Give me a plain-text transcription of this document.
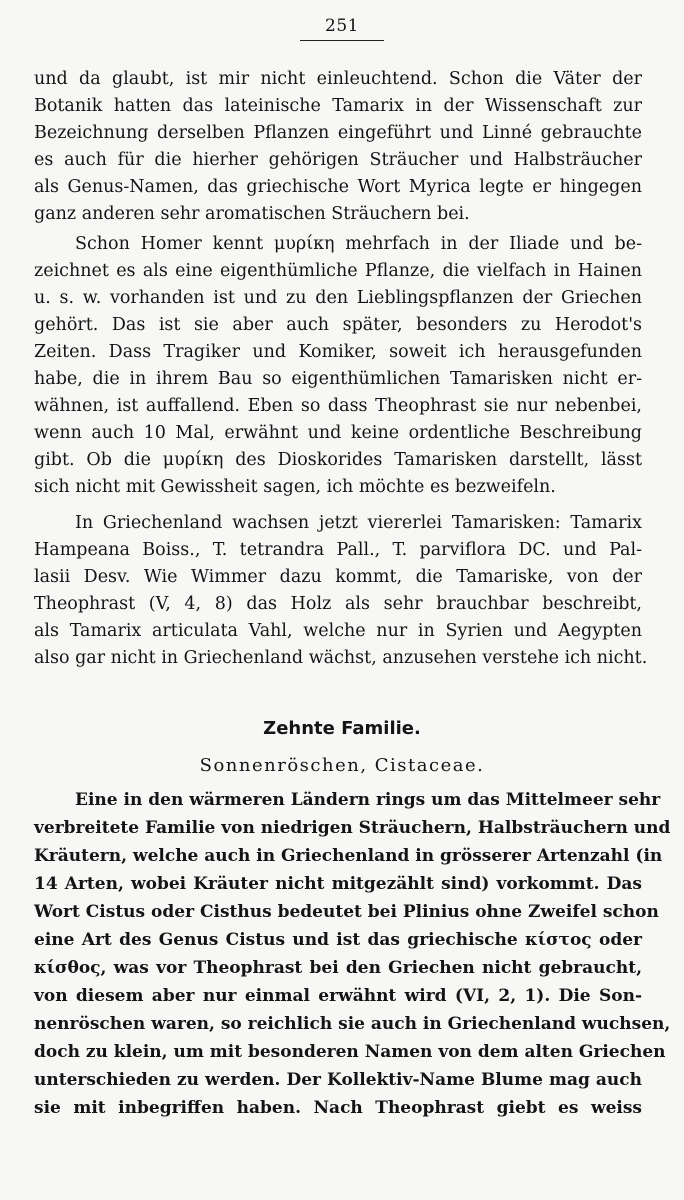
251
und da glaubt, ist mir nicht einleuchtend. Schon die Väter der
Botanik hatten das lateinische Tamarix in der Wissenschaft zur
Bezeichnung derselben Pflanzen eingeführt und Linné gebrauchte
es auch für die hierher gehörigen Sträucher und Halbsträucher
als Genus-Namen, das griechische Wort Myrica legte er hingegen
ganz anderen sehr aromatischen Sträuchern bei.
Schon Homer kennt μυρίκη mehrfach in der Iliade und be-
zeichnet es als eine eigenthümliche Pflanze, die vielfach in Hainen
u. s. w. vorhanden ist und zu den Lieblingspflanzen der Griechen
gehört. Das ist sie aber auch später, besonders zu Herodot's
Zeiten. Dass Tragiker und Komiker, soweit ich herausgefunden
habe, die in ihrem Bau so eigenthümlichen Tamarisken nicht er-
wähnen, ist auffallend. Eben so dass Theophrast sie nur nebenbei,
wenn auch 10 Mal, erwähnt und keine ordentliche Beschreibung
gibt. Ob die μυρίκη des Dioskorides Tamarisken darstellt, lässt
sich nicht mit Gewissheit sagen, ich möchte es bezweifeln.
In Griechenland wachsen jetzt viererlei Tamarisken: Tamarix
Hampeana Boiss., T. tetrandra Pall., T. parviflora DC. und Pal-
lasii Desv. Wie Wimmer dazu kommt, die Tamariske, von der
Theophrast (V, 4, 8) das Holz als sehr brauchbar beschreibt,
als Tamarix articulata Vahl, welche nur in Syrien und Aegypten
also gar nicht in Griechenland wächst, anzusehen verstehe ich nicht.
Zehnte Familie.
Sonnenröschen, Cistaceae.
Eine in den wärmeren Ländern rings um das Mittelmeer sehr
verbreitete Familie von niedrigen Sträuchern, Halbsträuchern und
Kräutern, welche auch in Griechenland in grösserer Artenzahl (in
14 Arten, wobei Kräuter nicht mitgezählt sind) vorkommt. Das
Wort Cistus oder Cisthus bedeutet bei Plinius ohne Zweifel schon
eine Art des Genus Cistus und ist das griechische κίστος oder
κίσθος, was vor Theophrast bei den Griechen nicht gebraucht,
von diesem aber nur einmal erwähnt wird (VI, 2, 1). Die Son-
nenröschen waren, so reichlich sie auch in Griechenland wuchsen,
doch zu klein, um mit besonderen Namen von dem alten Griechen
unterschieden zu werden. Der Kollektiv-Name Blume mag auch
sie mit inbegriffen haben. Nach Theophrast giebt es weiss
